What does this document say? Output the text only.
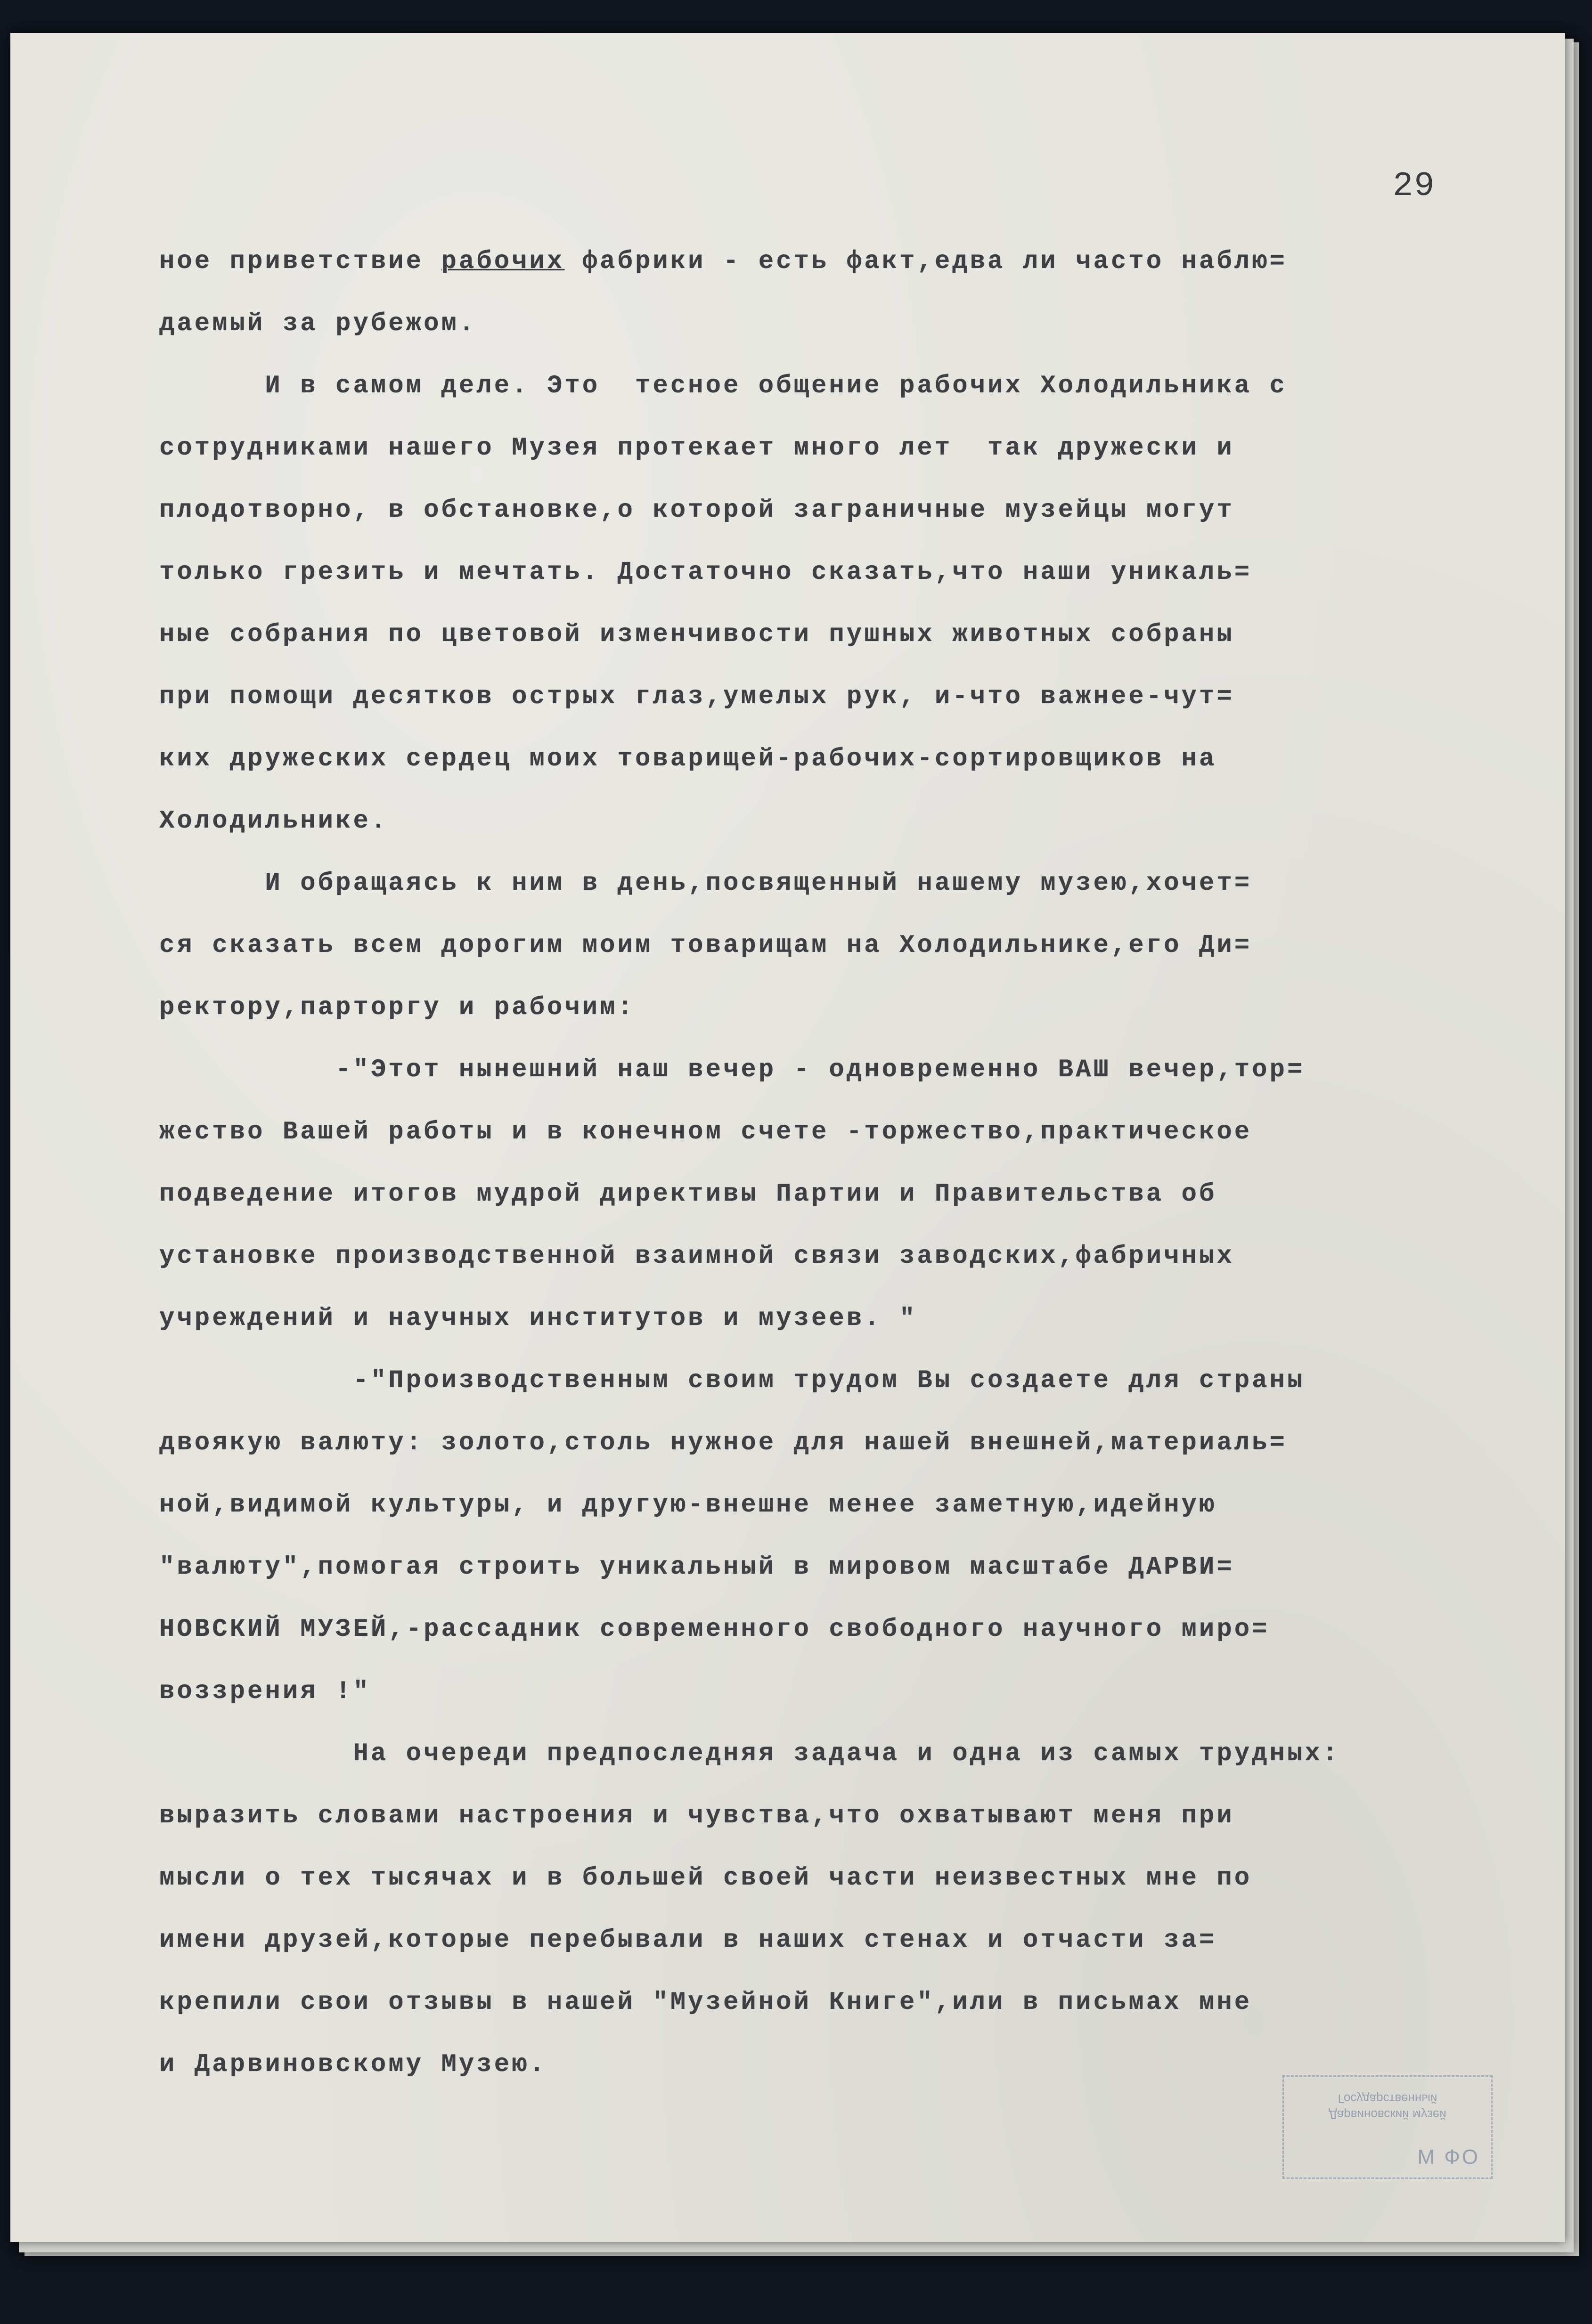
29

ное приветствие рабочих фабрики - есть факт,едва ли часто наблю=

даемый за рубежом.

И в самом деле. Это  тесное общение рабочих Холодильника с

сотрудниками нашего Музея протекает много лет  так дружески и

плодотворно, в обстановке,о которой заграничные музейцы могут

только грезить и мечтать. Достаточно сказать,что наши уникаль=

ные собрания по цветовой изменчивости пушных животных собраны

при помощи десятков острых глаз,умелых рук, и-что важнее-чут=

ких дружеских сердец моих товарищей-рабочих-сортировщиков на

Холодильнике.

И обращаясь к ним в день,посвященный нашему музею,хочет=

ся сказать всем дорогим моим товарищам на Холодильнике,его Ди=

ректору,парторгу и рабочим:

-"Этот нынешний наш вечер - одновременно ВАШ вечер,тор=

жество Вашей работы и в конечном счете -торжество,практическое

подведение итогов мудрой директивы Партии и Правительства об

установке производственной взаимной связи заводских,фабричных

учреждений и научных институтов и музеев. "

-"Производственным своим трудом Вы создаете для страны

двоякую валюту: золото,столь нужное для нашей внешней,материаль=

ной,видимой культуры, и другую-внешне менее заметную,идейную

"валюту",помогая строить уникальный в мировом масштабе ДАРВИ=

НОВСКИЙ МУЗЕЙ,-рассадник современного свободного научного миро=

воззрения !"

На очереди предпоследняя задача и одна из самых трудных:

выразить словами настроения и чувства,что охватывают меня при

мысли о тех тысячах и в большей своей части неизвестных мне по

имени друзей,которые перебывали в наших стенах и отчасти за=

крепили свои отзывы в нашей "Музейной Книге",или в письмах мне

и Дарвиновскому Музею.

Государственный

Дарвиновский музей

М ФО
